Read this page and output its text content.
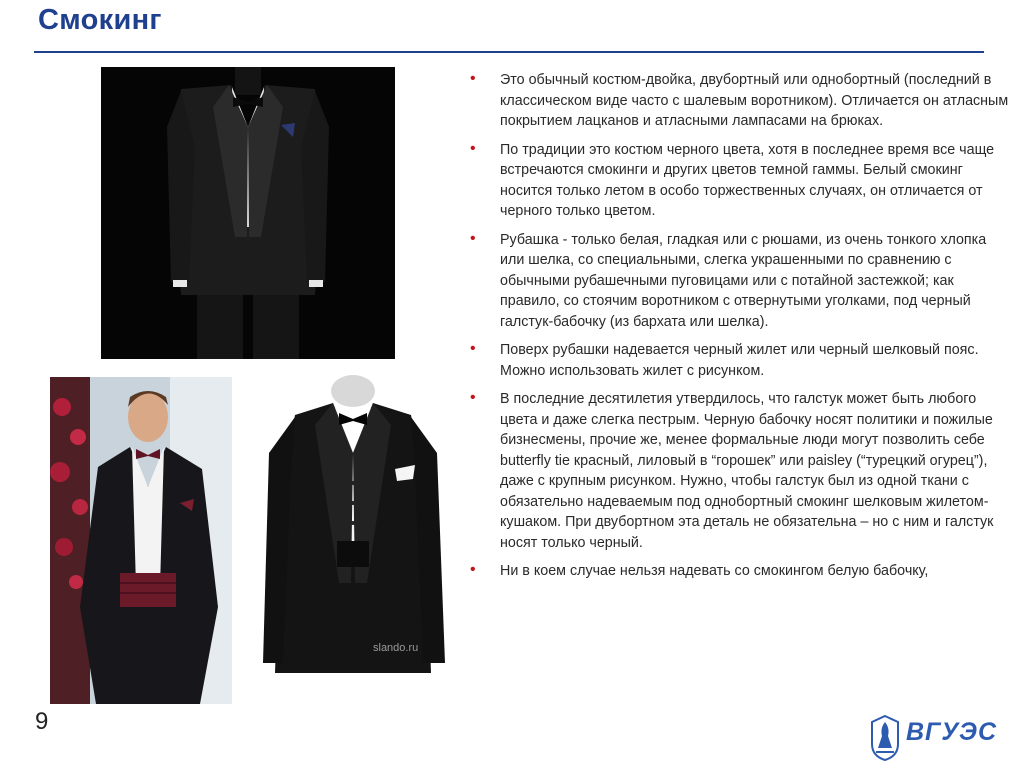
Смокинг
slando.ru
• Это обычный костюм-двойка, двубортный или однобортный (последний в классическом виде часто с шалевым воротником). Отличается он атласным покрытием лацканов и атласными лампасами на брюках.
• По традиции это костюм черного цвета, хотя в последнее время все чаще встречаются смокинги и других цветов темной гаммы. Белый смокинг носится только летом в особо торжественных случаях, он отличается от черного только цветом.
• Рубашка - только белая, гладкая или с рюшами, из очень тонкого хлопка или шелка, со специальными, слегка украшенными по сравнению с обычными рубашечными пуговицами или с потайной застежкой; как правило, со стоячим воротником с отвернутыми уголками, под черный галстук-бабочку (из бархата или шелка).
• Поверх рубашки надевается черный жилет или черный шелковый пояс. Можно использовать жилет с рисунком.
• В последние десятилетия утвердилось, что галстук может быть любого цвета и даже слегка пестрым. Черную бабочку носят политики и пожилые бизнесмены, прочие же, менее формальные люди могут позволить себе butterfly tie красный, лиловый в “горошек” или paisley (“турецкий огурец”), даже с крупным рисунком. Нужно, чтобы галстук был из одной ткани с обязательно надеваемым под однобортный смокинг шелковым жилетом-кушаком. При двубортном эта деталь не обязательна – но с ним и галстук носят только черный.
• Ни в коем случае нельзя надевать со смокингом белую бабочку,
9	ВГУЭС
